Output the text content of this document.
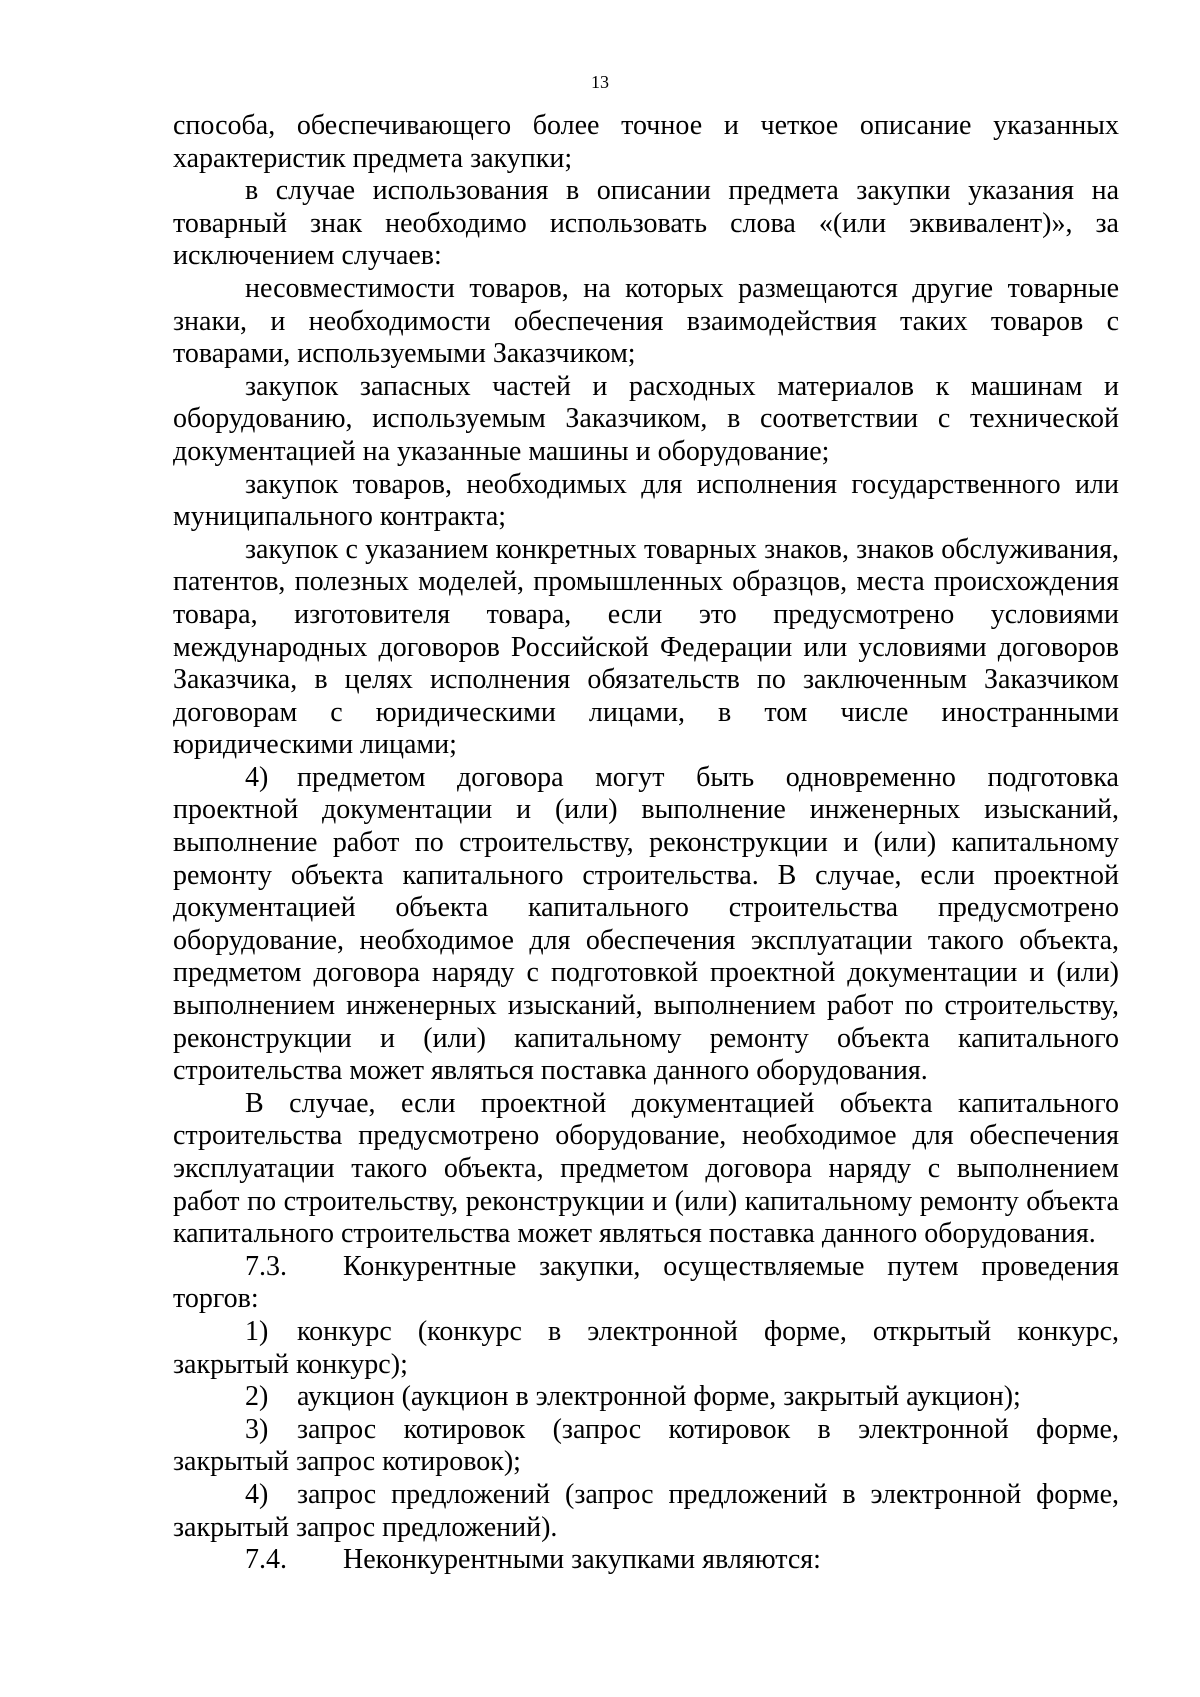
13

способа, обеспечивающего более точное и четкое описание указанных характеристик предмета закупки;

в случае использования в описании предмета закупки указания на товарный знак необходимо использовать слова «(или эквивалент)», за исключением случаев:

несовместимости товаров, на которых размещаются другие товарные знаки, и необходимости обеспечения взаимодействия таких товаров с товарами, используемыми Заказчиком;

закупок запасных частей и расходных материалов к машинам и оборудованию, используемым Заказчиком, в соответствии с технической документацией на указанные машины и оборудование;

закупок товаров, необходимых для исполнения государственного или муниципального контракта;

закупок с указанием конкретных товарных знаков, знаков обслуживания, патентов, полезных моделей, промышленных образцов, места происхождения товара, изготовителя товара, если это предусмотрено условиями международных договоров Российской Федерации или условиями договоров Заказчика, в целях исполнения обязательств по заключенным Заказчиком договорам с юридическими лицами, в том числе иностранными юридическими лицами;

4) предметом договора могут быть одновременно подготовка проектной документации и (или) выполнение инженерных изысканий, выполнение работ по строительству, реконструкции и (или) капитальному ремонту объекта капитального строительства. В случае, если проектной документацией объекта капитального строительства предусмотрено оборудование, необходимое для обеспечения эксплуатации такого объекта, предметом договора наряду с подготовкой проектной документации и (или) выполнением инженерных изысканий, выполнением работ по строительству, реконструкции и (или) капитальному ремонту объекта капитального строительства может являться поставка данного оборудования.

В случае, если проектной документацией объекта капитального строительства предусмотрено оборудование, необходимое для обеспечения эксплуатации такого объекта, предметом договора наряду с выполнением работ по строительству, реконструкции и (или) капитальному ремонту объекта капитального строительства может являться поставка данного оборудования.

7.3. Конкурентные закупки, осуществляемые путем проведения торгов:

1) конкурс (конкурс в электронной форме, открытый конкурс, закрытый конкурс);

2) аукцион (аукцион в электронной форме, закрытый аукцион);

3) запрос котировок (запрос котировок в электронной форме, закрытый запрос котировок);

4) запрос предложений (запрос предложений в электронной форме, закрытый запрос предложений).

7.4. Неконкурентными закупками являются:
